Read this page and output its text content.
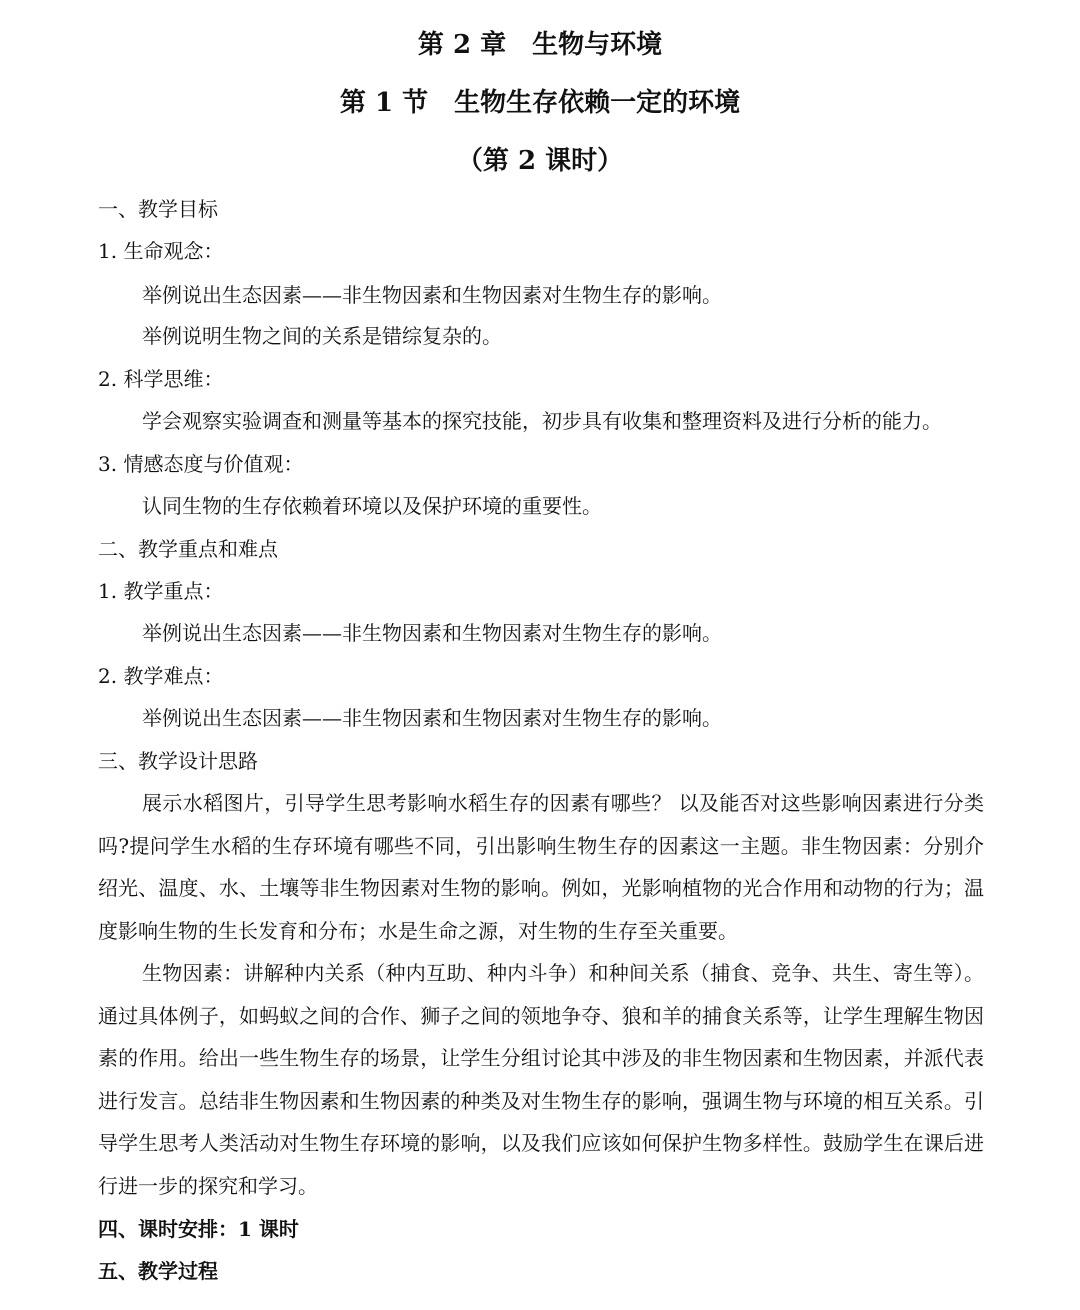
第 2 章　生物与环境
第 1 节　生物生存依赖一定的环境
（第 2 课时）
一、教学目标
1. 生命观念：
举例说出生态因素——非生物因素和生物因素对生物生存的影响。
举例说明生物之间的关系是错综复杂的。
2. 科学思维：
学会观察实验调查和测量等基本的探究技能，初步具有收集和整理资料及进行分析的能力。
3. 情感态度与价值观：
认同生物的生存依赖着环境以及保护环境的重要性。
二、教学重点和难点
1. 教学重点：
举例说出生态因素——非生物因素和生物因素对生物生存的影响。
2. 教学难点：
举例说出生态因素——非生物因素和生物因素对生物生存的影响。
三、教学设计思路
展示水稻图片，引导学生思考影响水稻生存的因素有哪些？ 以及能否对这些影响因素进行分类吗?提问学生水稻的生存环境有哪些不同，引出影响生物生存的因素这一主题。非生物因素：分别介绍光、温度、水、土壤等非生物因素对生物的影响。例如，光影响植物的光合作用和动物的行为；温度影响生物的生长发育和分布；水是生命之源，对生物的生存至关重要。
生物因素：讲解种内关系（种内互助、种内斗争）和种间关系（捕食、竞争、共生、寄生等）。通过具体例子，如蚂蚁之间的合作、狮子之间的领地争夺、狼和羊的捕食关系等，让学生理解生物因素的作用。给出一些生物生存的场景，让学生分组讨论其中涉及的非生物因素和生物因素，并派代表进行发言。总结非生物因素和生物因素的种类及对生物生存的影响，强调生物与环境的相互关系。引导学生思考人类活动对生物生存环境的影响，以及我们应该如何保护生物多样性。鼓励学生在课后进行进一步的探究和学习。
四、课时安排：1 课时
五、教学过程
